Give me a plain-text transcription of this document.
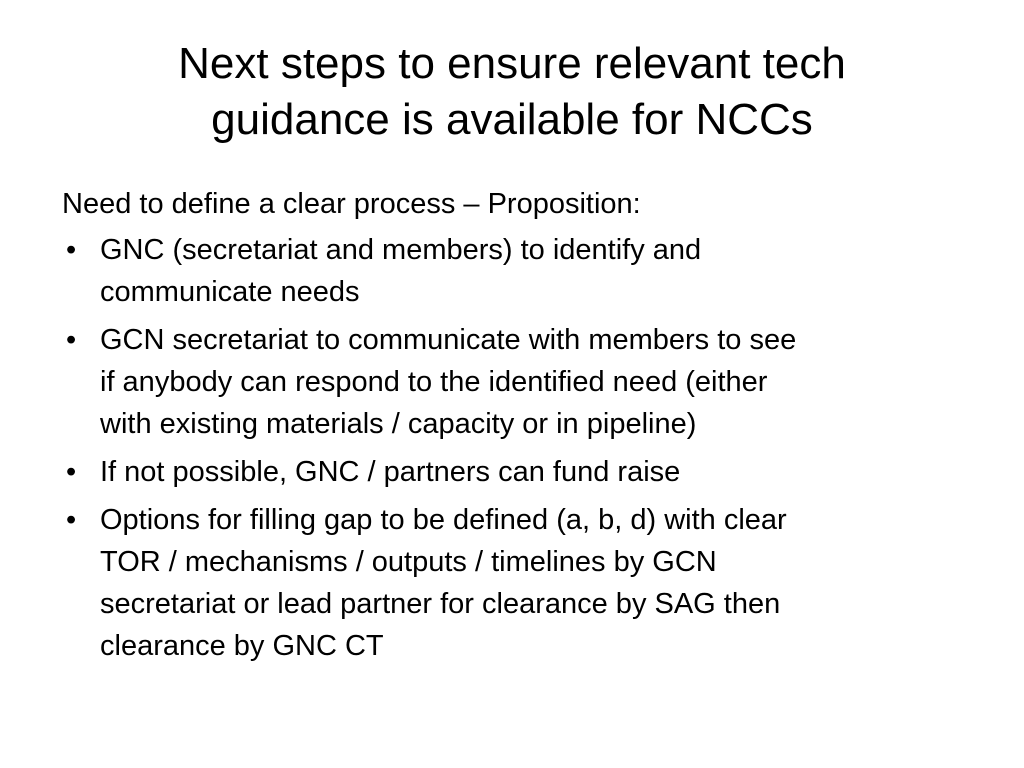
Next steps to ensure relevant tech
guidance is available for NCCs

Need to define a clear process – Proposition:

• GNC (secretariat and members) to identify and
communicate needs
• GCN secretariat to communicate with members to see
if anybody can respond to the identified need (either
with existing materials / capacity or in pipeline)
• If not possible, GNC / partners can fund raise
• Options for filling gap to be defined (a, b, d) with clear
TOR / mechanisms / outputs / timelines by GCN
secretariat or lead partner for clearance by SAG then
clearance by GNC CT
